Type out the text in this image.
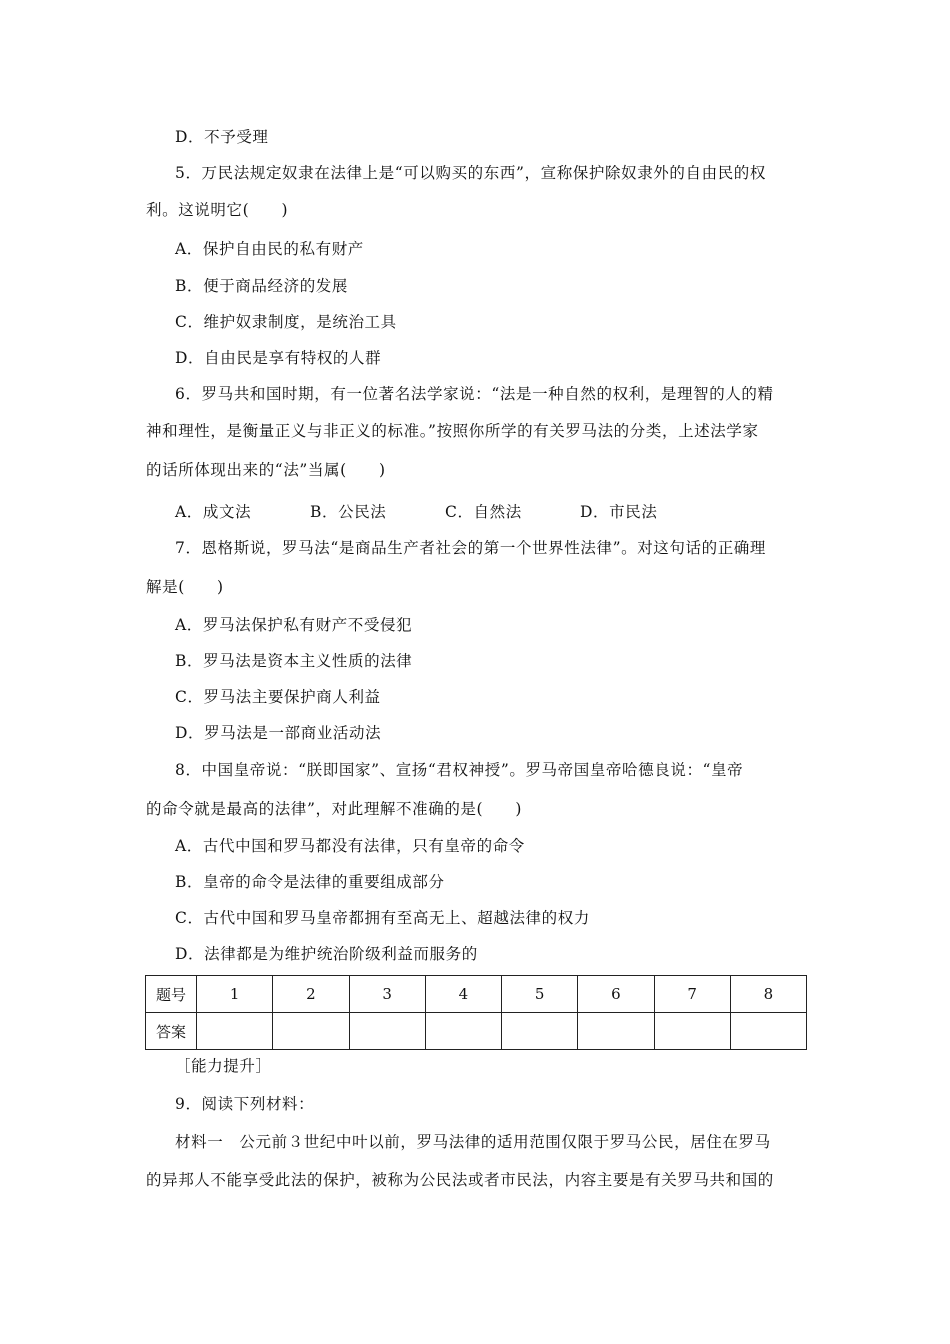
D．不予受理
5．万民法规定奴隶在法律上是“可以购买的东西”，宣称保护除奴隶外的自由民的权
利。这说明它(　　)
A．保护自由民的私有财产
B．便于商品经济的发展
C．维护奴隶制度，是统治工具
D．自由民是享有特权的人群
6．罗马共和国时期，有一位著名法学家说：“法是一种自然的权利，是理智的人的精
神和理性，是衡量正义与非正义的标准。”按照你所学的有关罗马法的分类，上述法学家
的话所体现出来的“法”当属(　　)
A．成文法	B．公民法	C．自然法	D．市民法
7．恩格斯说，罗马法“是商品生产者社会的第一个世界性法律”。对这句话的正确理
解是(　　)
A．罗马法保护私有财产不受侵犯
B．罗马法是资本主义性质的法律
C．罗马法主要保护商人利益
D．罗马法是一部商业活动法
8．中国皇帝说：“朕即国家”、宣扬“君权神授”。罗马帝国皇帝哈德良说：“皇帝
的命令就是最高的法律”，对此理解不准确的是(　　)
A．古代中国和罗马都没有法律，只有皇帝的命令
B．皇帝的命令是法律的重要组成部分
C．古代中国和罗马皇帝都拥有至高无上、超越法律的权力
D．法律都是为维护统治阶级利益而服务的
题号	1	2	3	4	5	6	7	8
答案								
［能力提升］
9．阅读下列材料：
材料一　公元前３世纪中叶以前，罗马法律的适用范围仅限于罗马公民，居住在罗马
的异邦人不能享受此法的保护，被称为公民法或者市民法，内容主要是有关罗马共和国的
